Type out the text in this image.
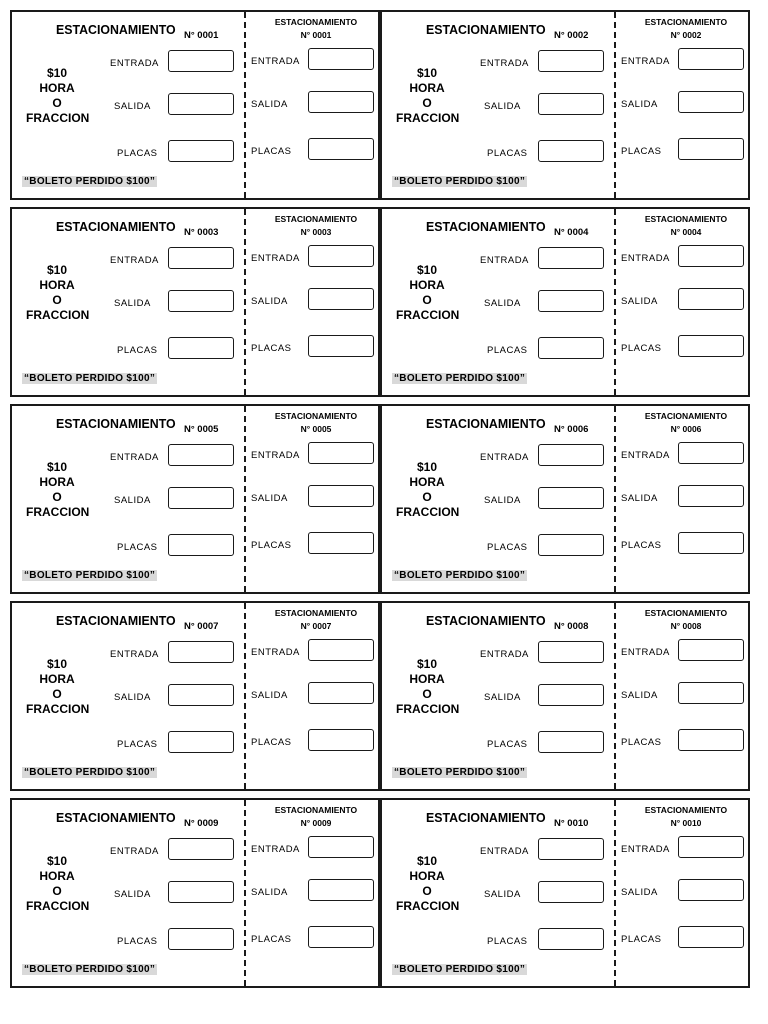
ESTACIONAMIENTO N° 0001
$10
HORA
O
FRACCION
ENTRADA
SALIDA
PLACAS
“BOLETO PERDIDO $100”
ESTACIONAMIENTO
N° 0001
ENTRADA
SALIDA
PLACAS
ESTACIONAMIENTO N° 0002
$10
HORA
O
FRACCION
ENTRADA
SALIDA
PLACAS
“BOLETO PERDIDO $100”
ESTACIONAMIENTO
N° 0002
ENTRADA
SALIDA
PLACAS
ESTACIONAMIENTO N° 0003
$10
HORA
O
FRACCION
ENTRADA
SALIDA
PLACAS
“BOLETO PERDIDO $100”
ESTACIONAMIENTO
N° 0003
ENTRADA
SALIDA
PLACAS
ESTACIONAMIENTO N° 0004
$10
HORA
O
FRACCION
ENTRADA
SALIDA
PLACAS
“BOLETO PERDIDO $100”
ESTACIONAMIENTO
N° 0004
ENTRADA
SALIDA
PLACAS
ESTACIONAMIENTO N° 0005
$10
HORA
O
FRACCION
ENTRADA
SALIDA
PLACAS
“BOLETO PERDIDO $100”
ESTACIONAMIENTO
N° 0005
ENTRADA
SALIDA
PLACAS
ESTACIONAMIENTO N° 0006
$10
HORA
O
FRACCION
ENTRADA
SALIDA
PLACAS
“BOLETO PERDIDO $100”
ESTACIONAMIENTO
N° 0006
ENTRADA
SALIDA
PLACAS
ESTACIONAMIENTO N° 0007
$10
HORA
O
FRACCION
ENTRADA
SALIDA
PLACAS
“BOLETO PERDIDO $100”
ESTACIONAMIENTO
N° 0007
ENTRADA
SALIDA
PLACAS
ESTACIONAMIENTO N° 0008
$10
HORA
O
FRACCION
ENTRADA
SALIDA
PLACAS
“BOLETO PERDIDO $100”
ESTACIONAMIENTO
N° 0008
ENTRADA
SALIDA
PLACAS
ESTACIONAMIENTO N° 0009
$10
HORA
O
FRACCION
ENTRADA
SALIDA
PLACAS
“BOLETO PERDIDO $100”
ESTACIONAMIENTO
N° 0009
ENTRADA
SALIDA
PLACAS
ESTACIONAMIENTO N° 0010
$10
HORA
O
FRACCION
ENTRADA
SALIDA
PLACAS
“BOLETO PERDIDO $100”
ESTACIONAMIENTO
N° 0010
ENTRADA
SALIDA
PLACAS
